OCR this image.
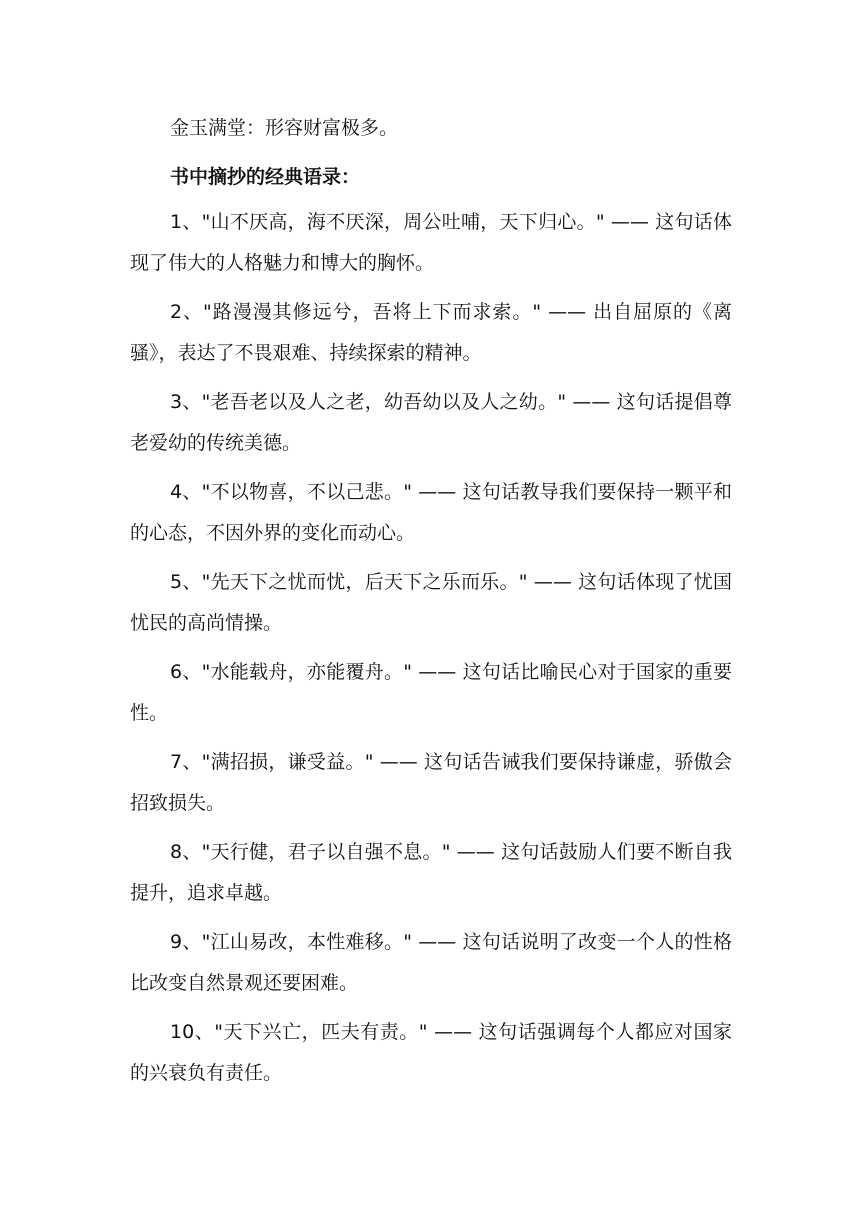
金玉满堂：形容财富极多。

书中摘抄的经典语录：

1、"山不厌高，海不厌深，周公吐哺，天下归心。" —— 这句话体现了伟大的人格魅力和博大的胸怀。

2、"路漫漫其修远兮，吾将上下而求索。" —— 出自屈原的《离骚》，表达了不畏艰难、持续探索的精神。

3、"老吾老以及人之老，幼吾幼以及人之幼。" —— 这句话提倡尊老爱幼的传统美德。

4、"不以物喜，不以己悲。" —— 这句话教导我们要保持一颗平和的心态，不因外界的变化而动心。

5、"先天下之忧而忧，后天下之乐而乐。" —— 这句话体现了忧国忧民的高尚情操。

6、"水能载舟，亦能覆舟。" —— 这句话比喻民心对于国家的重要性。

7、"满招损，谦受益。" —— 这句话告诫我们要保持谦虚，骄傲会招致损失。

8、"天行健，君子以自强不息。" —— 这句话鼓励人们要不断自我提升，追求卓越。

9、"江山易改，本性难移。" —— 这句话说明了改变一个人的性格比改变自然景观还要困难。

10、"天下兴亡，匹夫有责。" —— 这句话强调每个人都应对国家的兴衰负有责任。
